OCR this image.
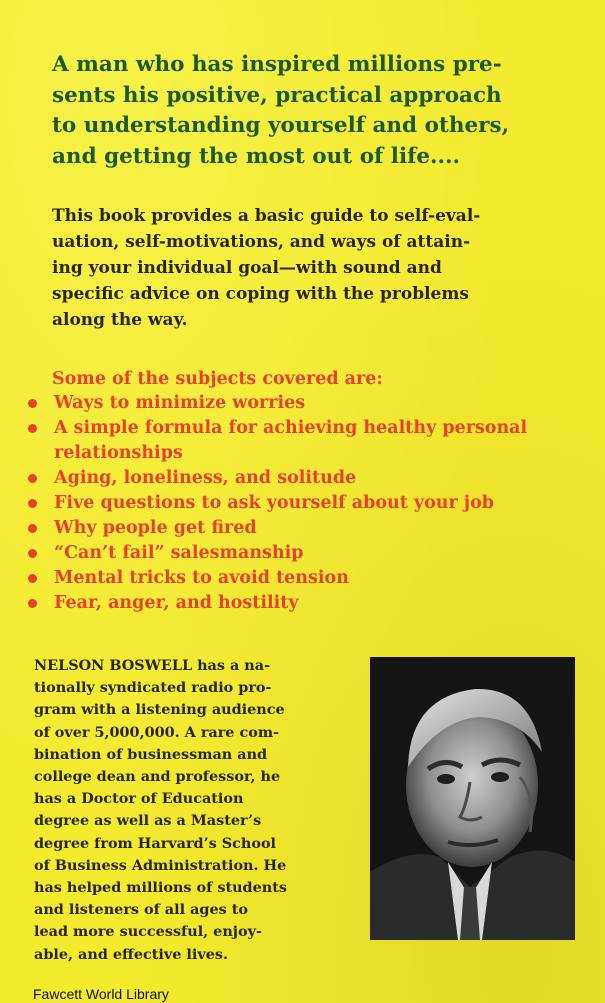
A man who has inspired millions pre-
sents his positive, practical approach
to understanding yourself and others,
and getting the most out of life....

This book provides a basic guide to self-eval-
uation, self-motivations, and ways of attain-
ing your individual goal—with sound and
specific advice on coping with the problems
along the way.

Some of the subjects covered are:

Ways to minimize worries
A simple formula for achieving healthy personal relationships
Aging, loneliness, and solitude
Five questions to ask yourself about your job
Why people get fired
“Can’t fail” salesmanship
Mental tricks to avoid tension
Fear, anger, and hostility

NELSON BOSWELL has a na-
tionally syndicated radio pro-
gram with a listening audience
of over 5,000,000. A rare com-
bination of businessman and
college dean and professor, he
has a Doctor of Education
degree as well as a Master’s
degree from Harvard’s School
of Business Administration. He
has helped millions of students
and listeners of all ages to
lead more successful, enjoy-
able, and effective lives.

Fawcett World Library
